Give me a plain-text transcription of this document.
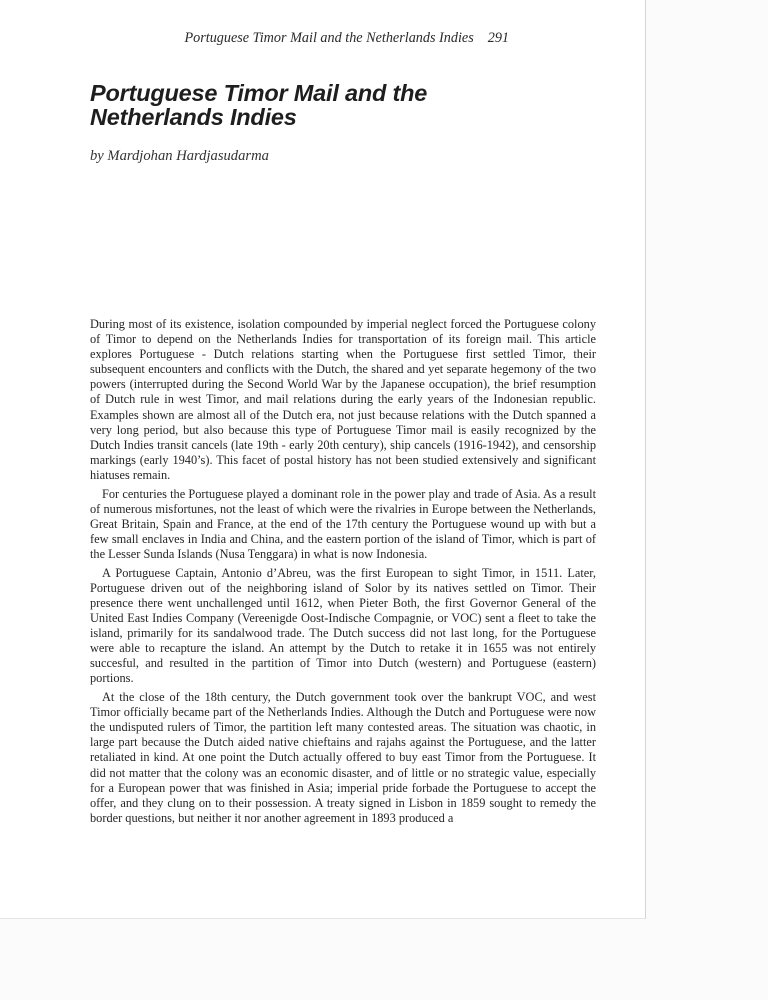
Portuguese Timor Mail and the Netherlands Indies 291
Portuguese Timor Mail and the Netherlands Indies
by Mardjohan Hardjasudarma

During most of its existence, isolation compounded by imperial neglect forced the Portuguese colony of Timor to depend on the Netherlands Indies for transportation of its foreign mail. This article explores Portuguese - Dutch relations starting when the Portuguese first settled Timor, their subsequent encounters and conflicts with the Dutch, the shared and yet separate hegemony of the two powers (interrupted during the Second World War by the Japanese occupation), the brief resumption of Dutch rule in west Timor, and mail relations during the early years of the Indonesian republic. Examples shown are almost all of the Dutch era, not just because relations with the Dutch spanned a very long period, but also because this type of Portuguese Timor mail is easily recognized by the Dutch Indies transit cancels (late 19th - early 20th century), ship cancels (1916-1942), and censorship markings (early 1940’s). This facet of postal history has not been studied extensively and significant hiatuses remain.

For centuries the Portuguese played a dominant role in the power play and trade of Asia. As a result of numerous misfortunes, not the least of which were the rivalries in Europe between the Netherlands, Great Britain, Spain and France, at the end of the 17th century the Portuguese wound up with but a few small enclaves in India and China, and the eastern portion of the island of Timor, which is part of the Lesser Sunda Islands (Nusa Tenggara) in what is now Indonesia.

A Portuguese Captain, Antonio d’Abreu, was the first European to sight Timor, in 1511. Later, Portuguese driven out of the neighboring island of Solor by its natives settled on Timor. Their presence there went unchallenged until 1612, when Pieter Both, the first Governor General of the United East Indies Company (Vereenigde Oost-Indische Compagnie, or VOC) sent a fleet to take the island, primarily for its sandalwood trade. The Dutch success did not last long, for the Portuguese were able to recapture the island. An attempt by the Dutch to retake it in 1655 was not entirely succesful, and resulted in the partition of Timor into Dutch (western) and Portuguese (eastern) portions.

At the close of the 18th century, the Dutch government took over the bankrupt VOC, and west Timor officially became part of the Netherlands Indies. Although the Dutch and Portuguese were now the undisputed rulers of Timor, the partition left many contested areas. The situation was chaotic, in large part because the Dutch aided native chieftains and rajahs against the Portuguese, and the latter retaliated in kind. At one point the Dutch actually offered to buy east Timor from the Portuguese. It did not matter that the colony was an economic disaster, and of little or no strategic value, especially for a European power that was finished in Asia; imperial pride forbade the Portuguese to accept the offer, and they clung on to their possession. A treaty signed in Lisbon in 1859 sought to remedy the border questions, but neither it nor another agreement in 1893 produced a
